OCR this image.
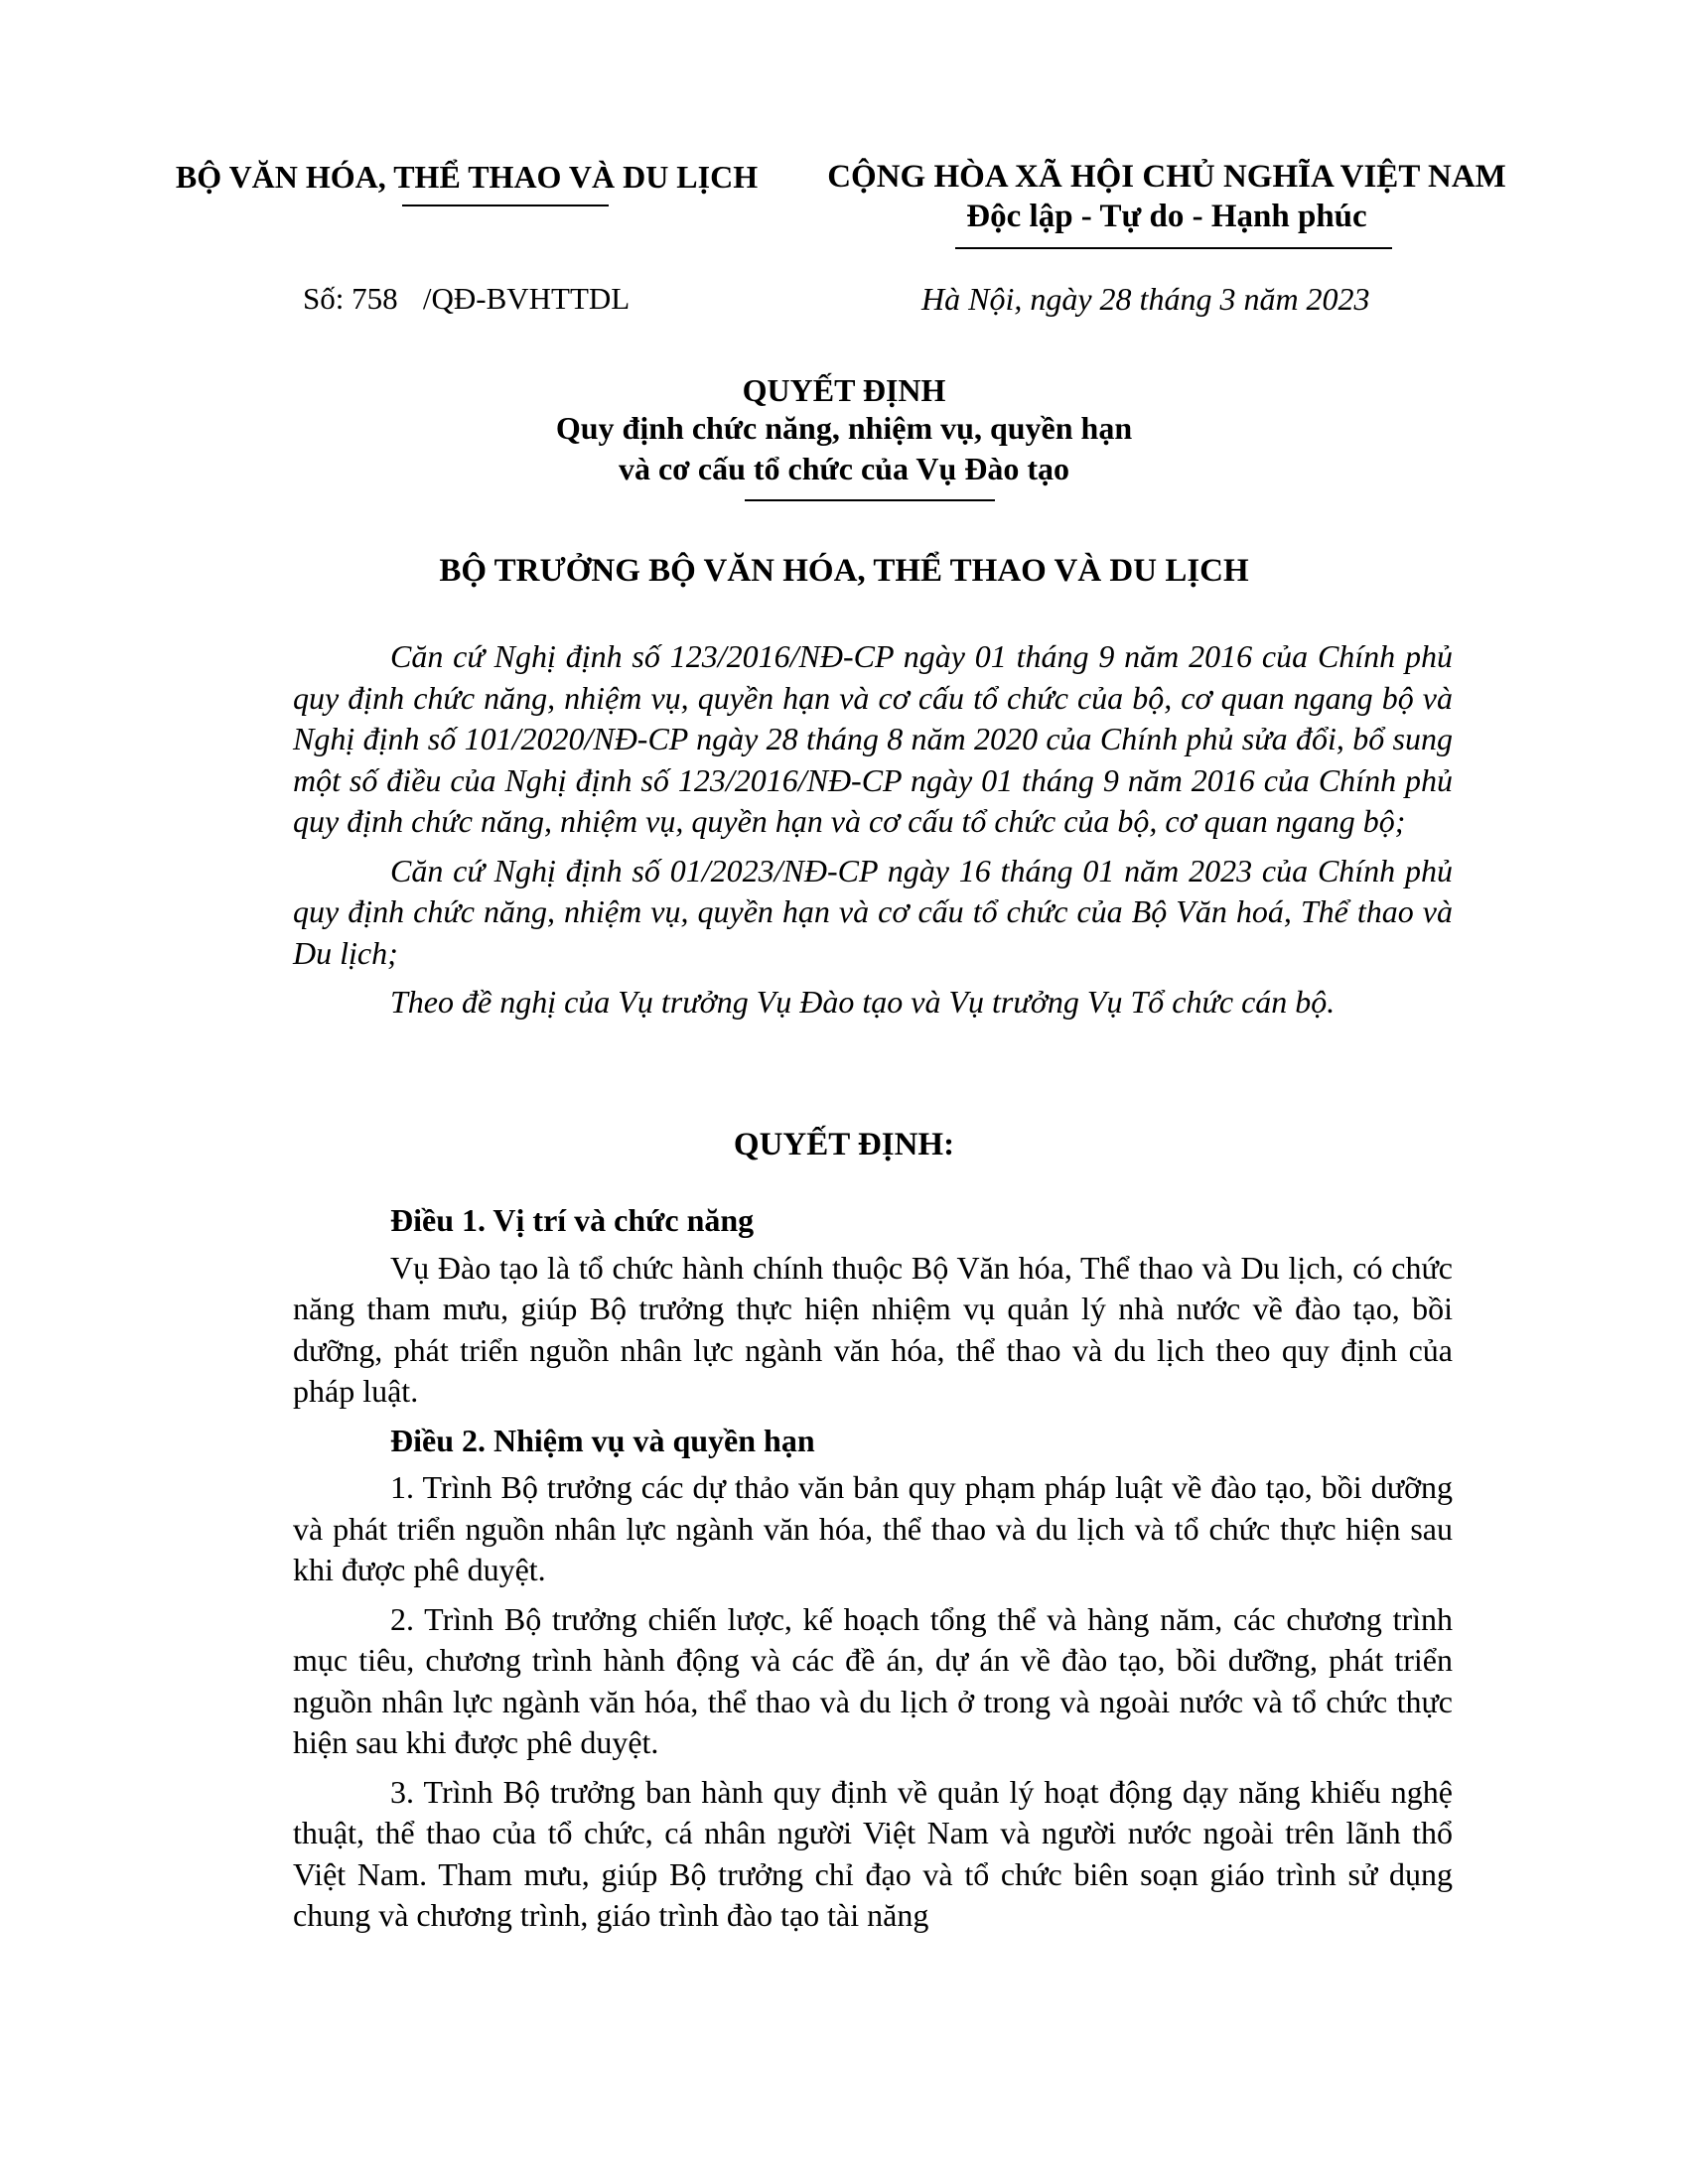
BỘ VĂN HÓA, THỂ THAO VÀ DU LỊCH	CỘNG HÒA XÃ HỘI CHỦ NGHĨA VIỆT NAM
Độc lập - Tự do - Hạnh phúc
Số: 758 /QĐ-BVHTTDL	Hà Nội, ngày 28 tháng 3 năm 2023
QUYẾT ĐỊNH
Quy định chức năng, nhiệm vụ, quyền hạn
và cơ cấu tổ chức của Vụ Đào tạo
BỘ TRƯỞNG BỘ VĂN HÓA, THỂ THAO VÀ DU LỊCH

Căn cứ Nghị định số 123/2016/NĐ-CP ngày 01 tháng 9 năm 2016 của Chính phủ quy định chức năng, nhiệm vụ, quyền hạn và cơ cấu tổ chức của bộ, cơ quan ngang bộ và Nghị định số 101/2020/NĐ-CP ngày 28 tháng 8 năm 2020 của Chính phủ sửa đổi, bổ sung một số điều của Nghị định số 123/2016/NĐ-CP ngày 01 tháng 9 năm 2016 của Chính phủ quy định chức năng, nhiệm vụ, quyền hạn và cơ cấu tổ chức của bộ, cơ quan ngang bộ;

Căn cứ Nghị định số 01/2023/NĐ-CP ngày 16 tháng 01 năm 2023 của Chính phủ quy định chức năng, nhiệm vụ, quyền hạn và cơ cấu tổ chức của Bộ Văn hoá, Thể thao và Du lịch;

Theo đề nghị của Vụ trưởng Vụ Đào tạo và Vụ trưởng Vụ Tổ chức cán bộ.

QUYẾT ĐỊNH:
Điều 1. Vị trí và chức năng

Vụ Đào tạo là tổ chức hành chính thuộc Bộ Văn hóa, Thể thao và Du lịch, có chức năng tham mưu, giúp Bộ trưởng thực hiện nhiệm vụ quản lý nhà nước về đào tạo, bồi dưỡng, phát triển nguồn nhân lực ngành văn hóa, thể thao và du lịch theo quy định của pháp luật.

Điều 2. Nhiệm vụ và quyền hạn

1. Trình Bộ trưởng các dự thảo văn bản quy phạm pháp luật về đào tạo, bồi dưỡng và phát triển nguồn nhân lực ngành văn hóa, thể thao và du lịch và tổ chức thực hiện sau khi được phê duyệt.

2. Trình Bộ trưởng chiến lược, kế hoạch tổng thể và hàng năm, các chương trình mục tiêu, chương trình hành động và các đề án, dự án về đào tạo, bồi dưỡng, phát triển nguồn nhân lực ngành văn hóa, thể thao và du lịch ở trong và ngoài nước và tổ chức thực hiện sau khi được phê duyệt.

3. Trình Bộ trưởng ban hành quy định về quản lý hoạt động dạy năng khiếu nghệ thuật, thể thao của tổ chức, cá nhân người Việt Nam và người nước ngoài trên lãnh thổ Việt Nam. Tham mưu, giúp Bộ trưởng chỉ đạo và tổ chức biên soạn giáo trình sử dụng chung và chương trình, giáo trình đào tạo tài năng
